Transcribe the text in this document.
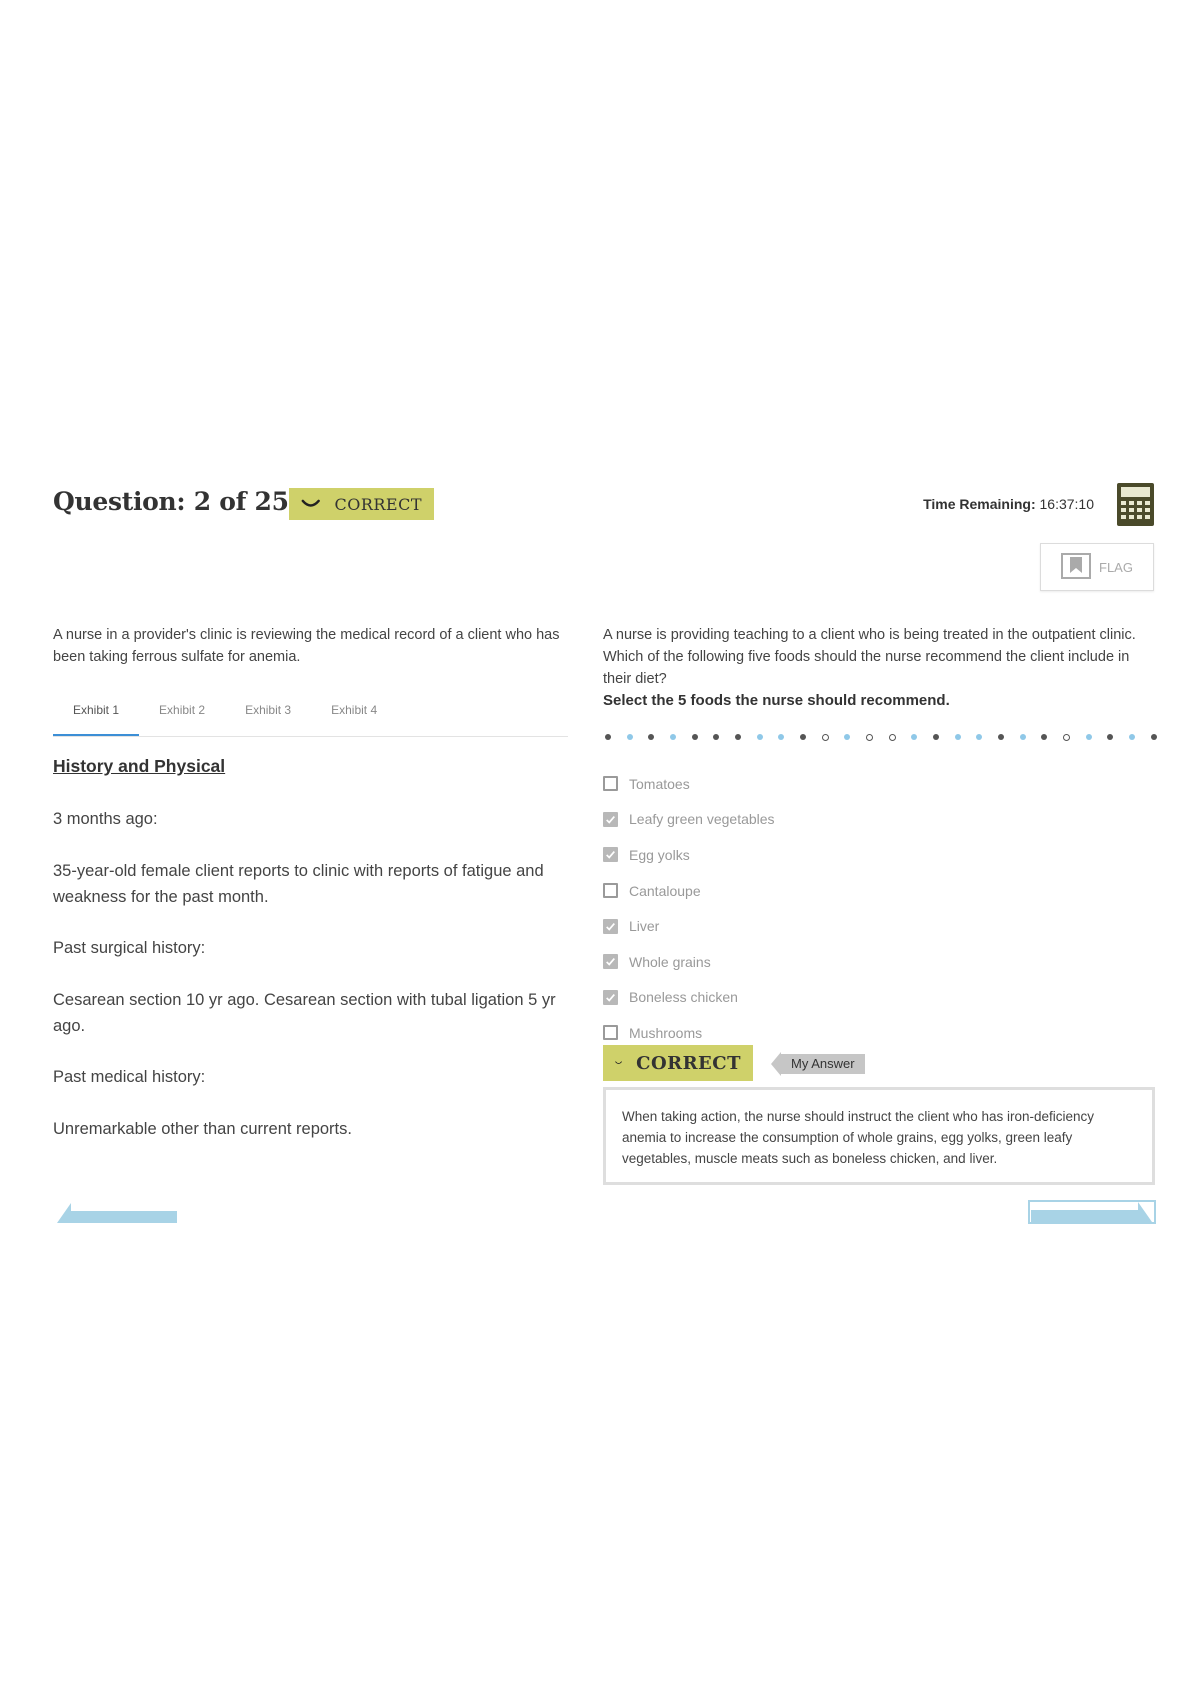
Question: 2 of 25	CORRECT	Time Remaining: 16:37:10
FLAG
A nurse in a provider's clinic is reviewing the medical record of a client who has been taking ferrous sulfate for anemia.
Exhibit 1	Exhibit 2	Exhibit 3	Exhibit 4
History and Physical
3 months ago:
35-year-old female client reports to clinic with reports of fatigue and weakness for the past month.
Past surgical history:
Cesarean section 10 yr ago. Cesarean section with tubal ligation 5 yr ago.
Past medical history:
Unremarkable other than current reports.
A nurse is providing teaching to a client who is being treated in the outpatient clinic. Which of the following five foods should the nurse recommend the client include in their diet?
Select the 5 foods the nurse should recommend.
Tomatoes
Leafy green vegetables
Egg yolks
Cantaloupe
Liver
Whole grains
Boneless chicken
Mushrooms
CORRECT	My Answer
When taking action, the nurse should instruct the client who has iron-deficiency anemia to increase the consumption of whole grains, egg yolks, green leafy vegetables, muscle meats such as boneless chicken, and liver.
